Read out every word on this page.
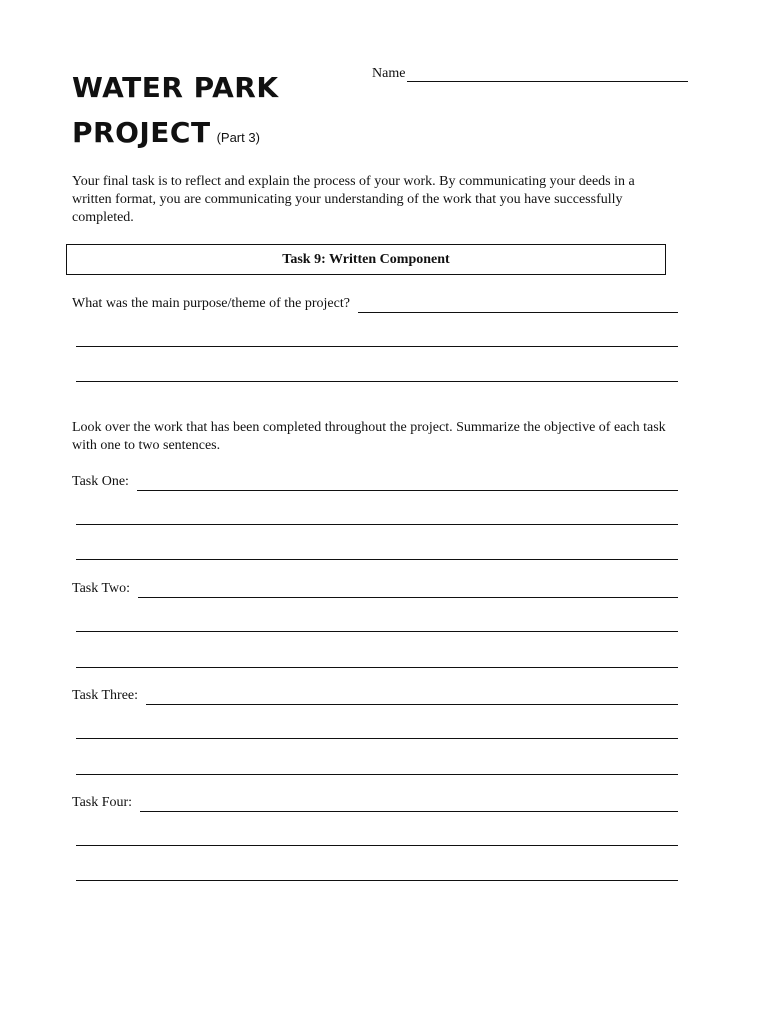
WATER PARK
PROJECT (Part 3)
Name

Your final task is to reflect and explain the process of your work. By communicating your deeds in a written format, you are communicating your understanding of the work that you have successfully completed.

Task 9: Written Component
What was the main purpose/theme of the project?

Look over the work that has been completed throughout the project. Summarize the objective of each task with one to two sentences.

Task One:
Task Two:
Task Three:
Task Four:
